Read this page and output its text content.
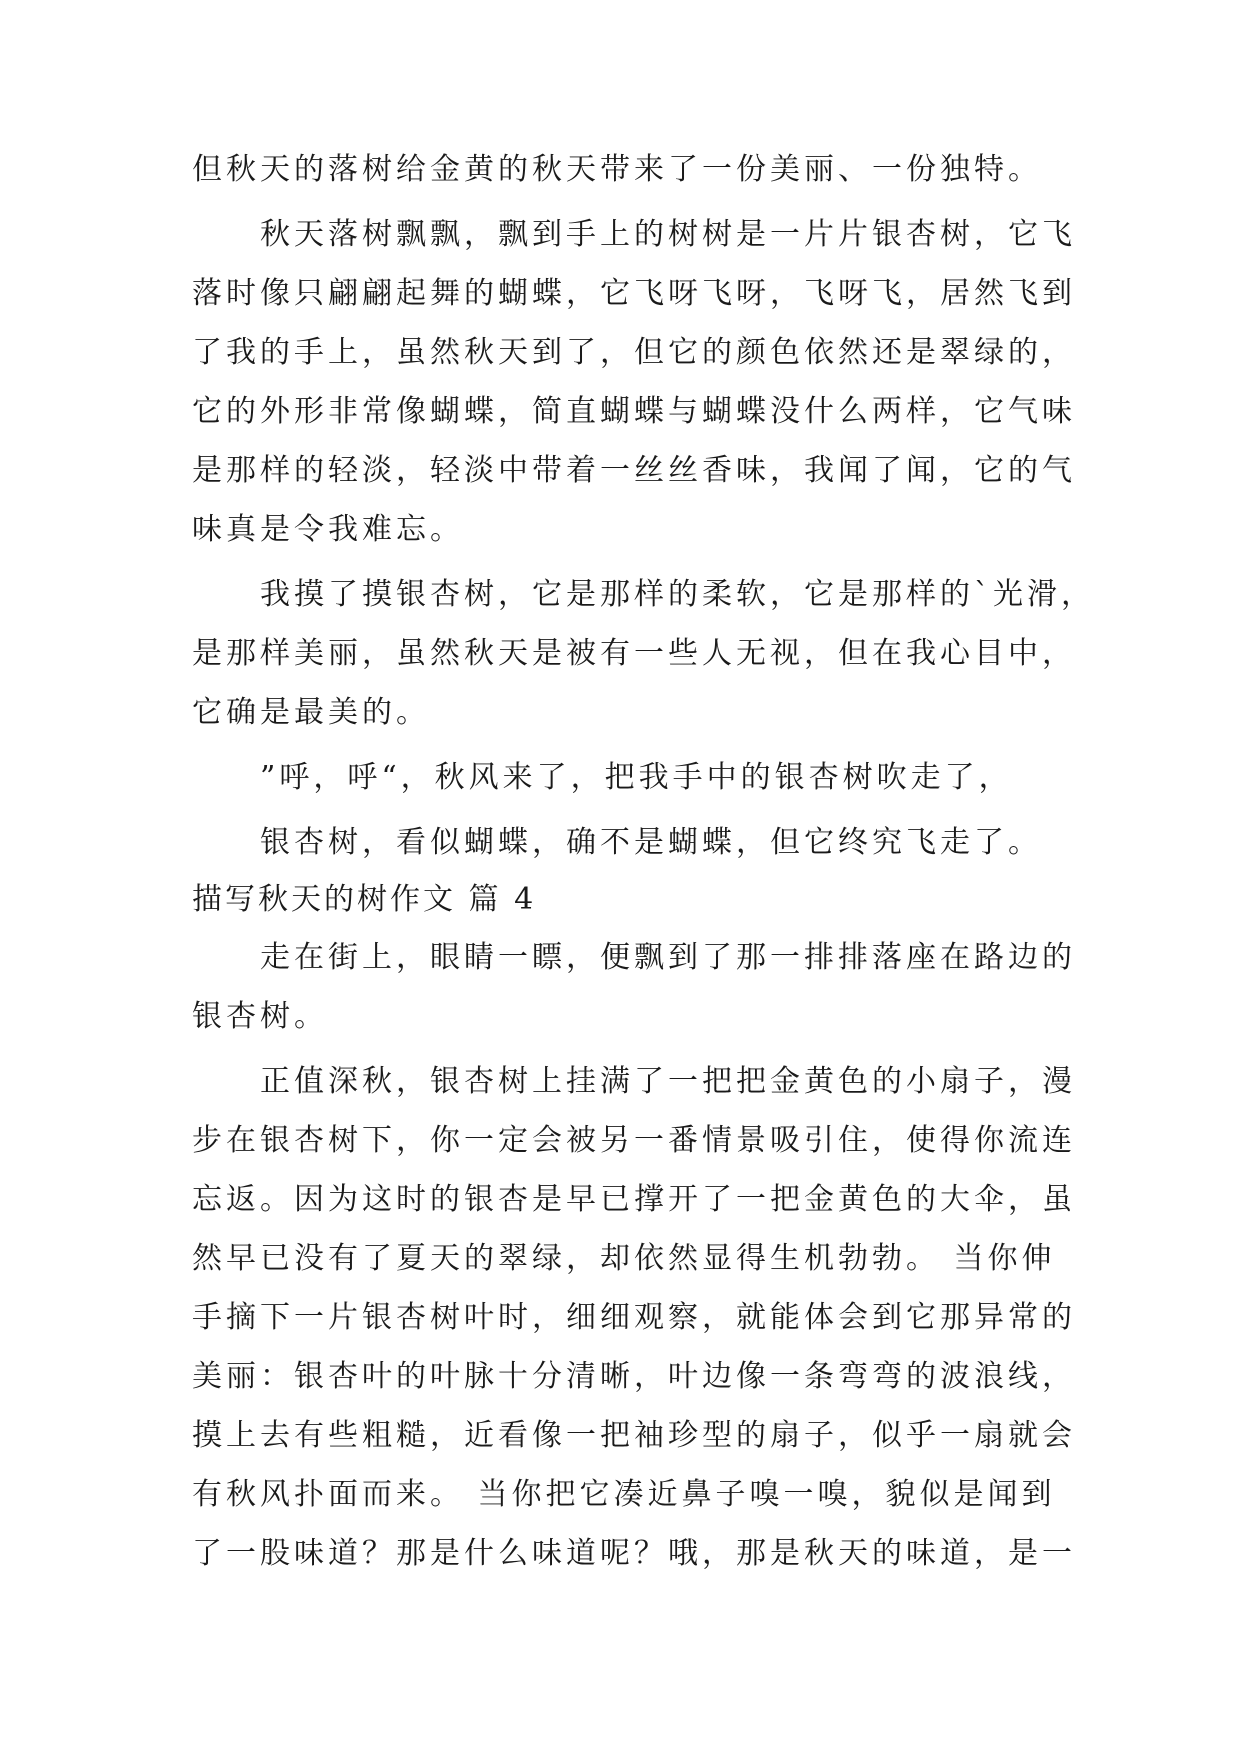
但秋天的落树给金黄的秋天带来了一份美丽、一份独特。
秋天落树飘飘，飘到手上的树树是一片片银杏树，它飞
落时像只翩翩起舞的蝴蝶，它飞呀飞呀，飞呀飞，居然飞到
了我的手上，虽然秋天到了，但它的颜色依然还是翠绿的，
它的外形非常像蝴蝶，简直蝴蝶与蝴蝶没什么两样，它气味
是那样的轻淡，轻淡中带着一丝丝香味，我闻了闻，它的气
味真是令我难忘。
我摸了摸银杏树，它是那样的柔软，它是那样的`光滑，
是那样美丽，虽然秋天是被有一些人无视，但在我心目中，
它确是最美的。
”呼，呼“，秋风来了，把我手中的银杏树吹走了，
银杏树，看似蝴蝶，确不是蝴蝶，但它终究飞走了。
描写秋天的树作文 篇 4
走在街上，眼睛一瞟，便飘到了那一排排落座在路边的
银杏树。
正值深秋，银杏树上挂满了一把把金黄色的小扇子，漫
步在银杏树下，你一定会被另一番情景吸引住，使得你流连
忘返。因为这时的银杏是早已撑开了一把金黄色的大伞，虽
然早已没有了夏天的翠绿，却依然显得生机勃勃。 当你伸
手摘下一片银杏树叶时，细细观察，就能体会到它那异常的
美丽：银杏叶的叶脉十分清晰，叶边像一条弯弯的波浪线，
摸上去有些粗糙，近看像一把袖珍型的扇子，似乎一扇就会
有秋风扑面而来。 当你把它凑近鼻子嗅一嗅，貌似是闻到
了一股味道？那是什么味道呢？哦，那是秋天的味道，是一
